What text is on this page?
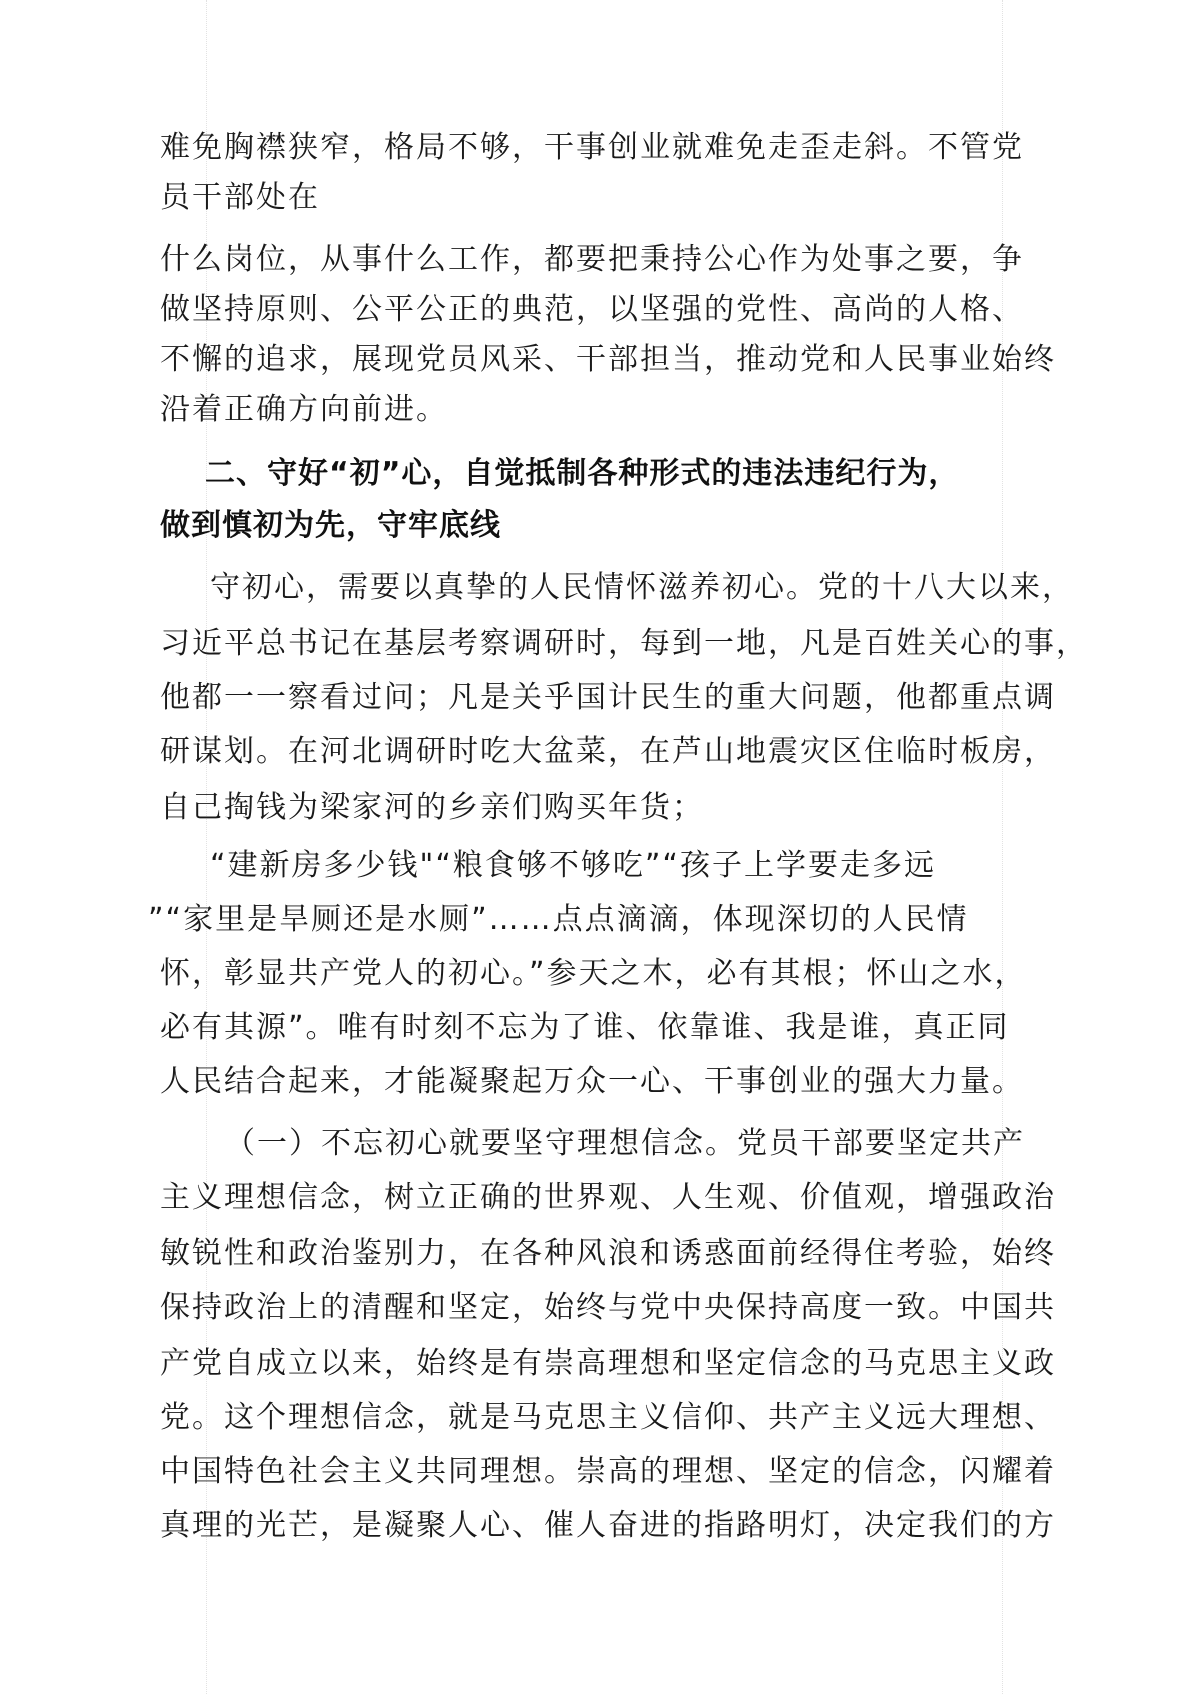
难免胸襟狭窄，格局不够，干事创业就难免走歪走斜。不管党

员干部处在

什么岗位，从事什么工作，都要把秉持公心作为处事之要，争

做坚持原则、公平公正的典范，以坚强的党性、高尚的人格、

不懈的追求，展现党员风采、干部担当，推动党和人民事业始终

沿着正确方向前进。

二、守好“初”心，自觉抵制各种形式的违法违纪行为，

做到慎初为先，守牢底线

守初心，需要以真挚的人民情怀滋养初心。党的十八大以来，

习近平总书记在基层考察调研时，每到一地，凡是百姓关心的事，

他都一一察看过问；凡是关乎国计民生的重大问题，他都重点调

研谋划。在河北调研时吃大盆菜，在芦山地震灾区住临时板房，

自己掏钱为梁家河的乡亲们购买年货；

“建新房多少钱"“粮食够不够吃”“孩子上学要走多远

”“家里是旱厕还是水厕”……点点滴滴，体现深切的人民情

怀，彰显共产党人的初心。”参天之木，必有其根；怀山之水，

必有其源”。唯有时刻不忘为了谁、依靠谁、我是谁，真正同

人民结合起来，才能凝聚起万众一心、干事创业的强大力量。

（一）不忘初心就要坚守理想信念。党员干部要坚定共产

主义理想信念，树立正确的世界观、人生观、价值观，增强政治

敏锐性和政治鉴别力，在各种风浪和诱惑面前经得住考验，始终

保持政治上的清醒和坚定，始终与党中央保持高度一致。中国共

产党自成立以来，始终是有崇高理想和坚定信念的马克思主义政

党。这个理想信念，就是马克思主义信仰、共产主义远大理想、

中国特色社会主义共同理想。崇高的理想、坚定的信念，闪耀着

真理的光芒，是凝聚人心、催人奋进的指路明灯，决定我们的方
